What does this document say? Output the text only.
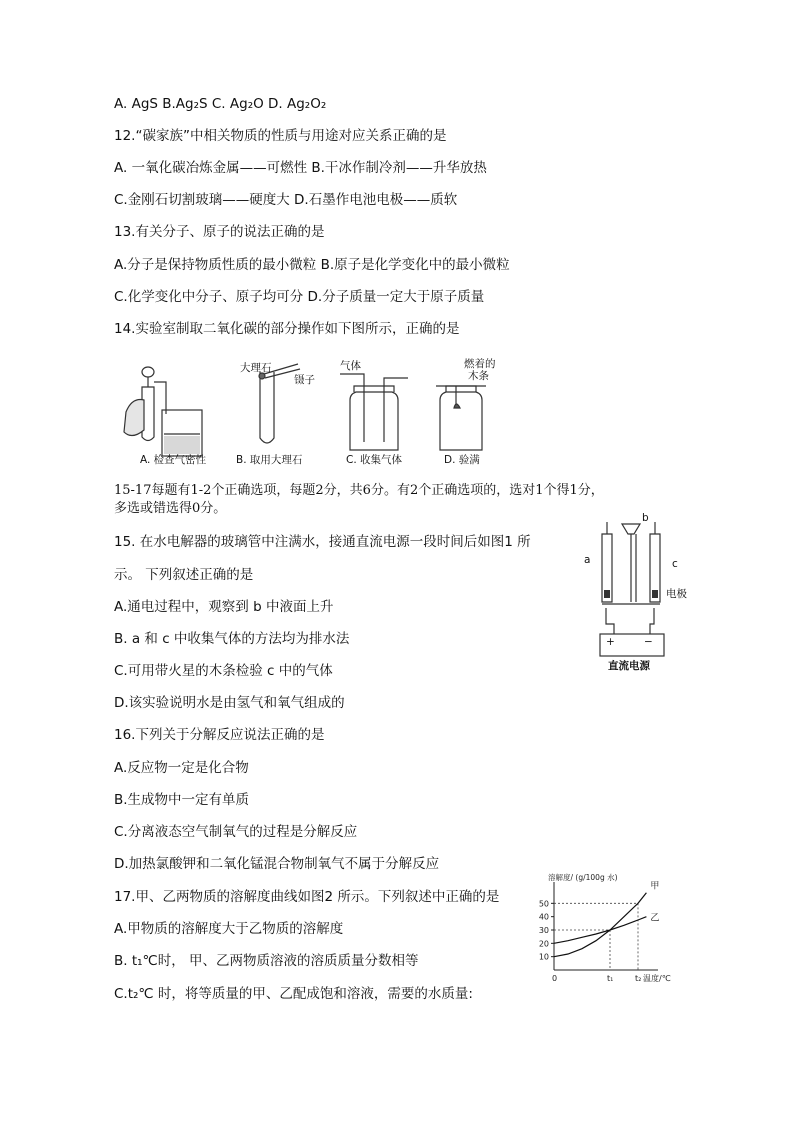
A. AgS B.Ag₂S C. Ag₂O D. Ag₂O₂
12.“碳家族”中相关物质的性质与用途对应关系正确的是
A. 一氧化碳冶炼金属——可燃性 B.干冰作制冷剂——升华放热
C.金刚石切割玻璃——硬度大 D.石墨作电池电极——质软
13.有关分子、原子的说法正确的是
A.分子是保持物质性质的最小微粒 B.原子是化学变化中的最小微粒
C.化学变化中分子、原子均可分 D.分子质量一定大于原子质量
14.实验室制取二氧化碳的部分操作如下图所示，正确的是
大理石
镊子
气体	燃着的
木条
A. 检查气密性	B. 取用大理石	C. 收集气体	D. 验满
15-17每题有1-2个正确选项，每题2分，共6分。有2个正确选项的，选对1个得1分，
多选或错选得0分。
15. 在水电解器的玻璃管中注满水，接通直流电源一段时间后如图1 所
示。 下列叙述正确的是
A.通电过程中，观察到 b 中液面上升
B. a 和 c 中收集气体的方法均为排水法
C.可用带火星的木条检验 c 中的气体
D.该实验说明水是由氢气和氧气组成的
a
b
c
电极
+	−
直流电源
16.下列关于分解反应说法正确的是
A.反应物一定是化合物
B.生成物中一定有单质
C.分离液态空气制氧气的过程是分解反应
D.加热氯酸钾和二氧化锰混合物制氧气不属于分解反应
17.甲、乙两物质的溶解度曲线如图2 所示。下列叙述中正确的是
A.甲物质的溶解度大于乙物质的溶解度
B. t₁℃时， 甲、乙两物质溶液的溶质质量分数相等
C.t₂℃ 时，将等质量的甲、乙配成饱和溶液，需要的水质量:
10
20
30
40
50
0	t₁	t₂ 温度/℃
溶解度/ (g/100g 水)
甲
乙
